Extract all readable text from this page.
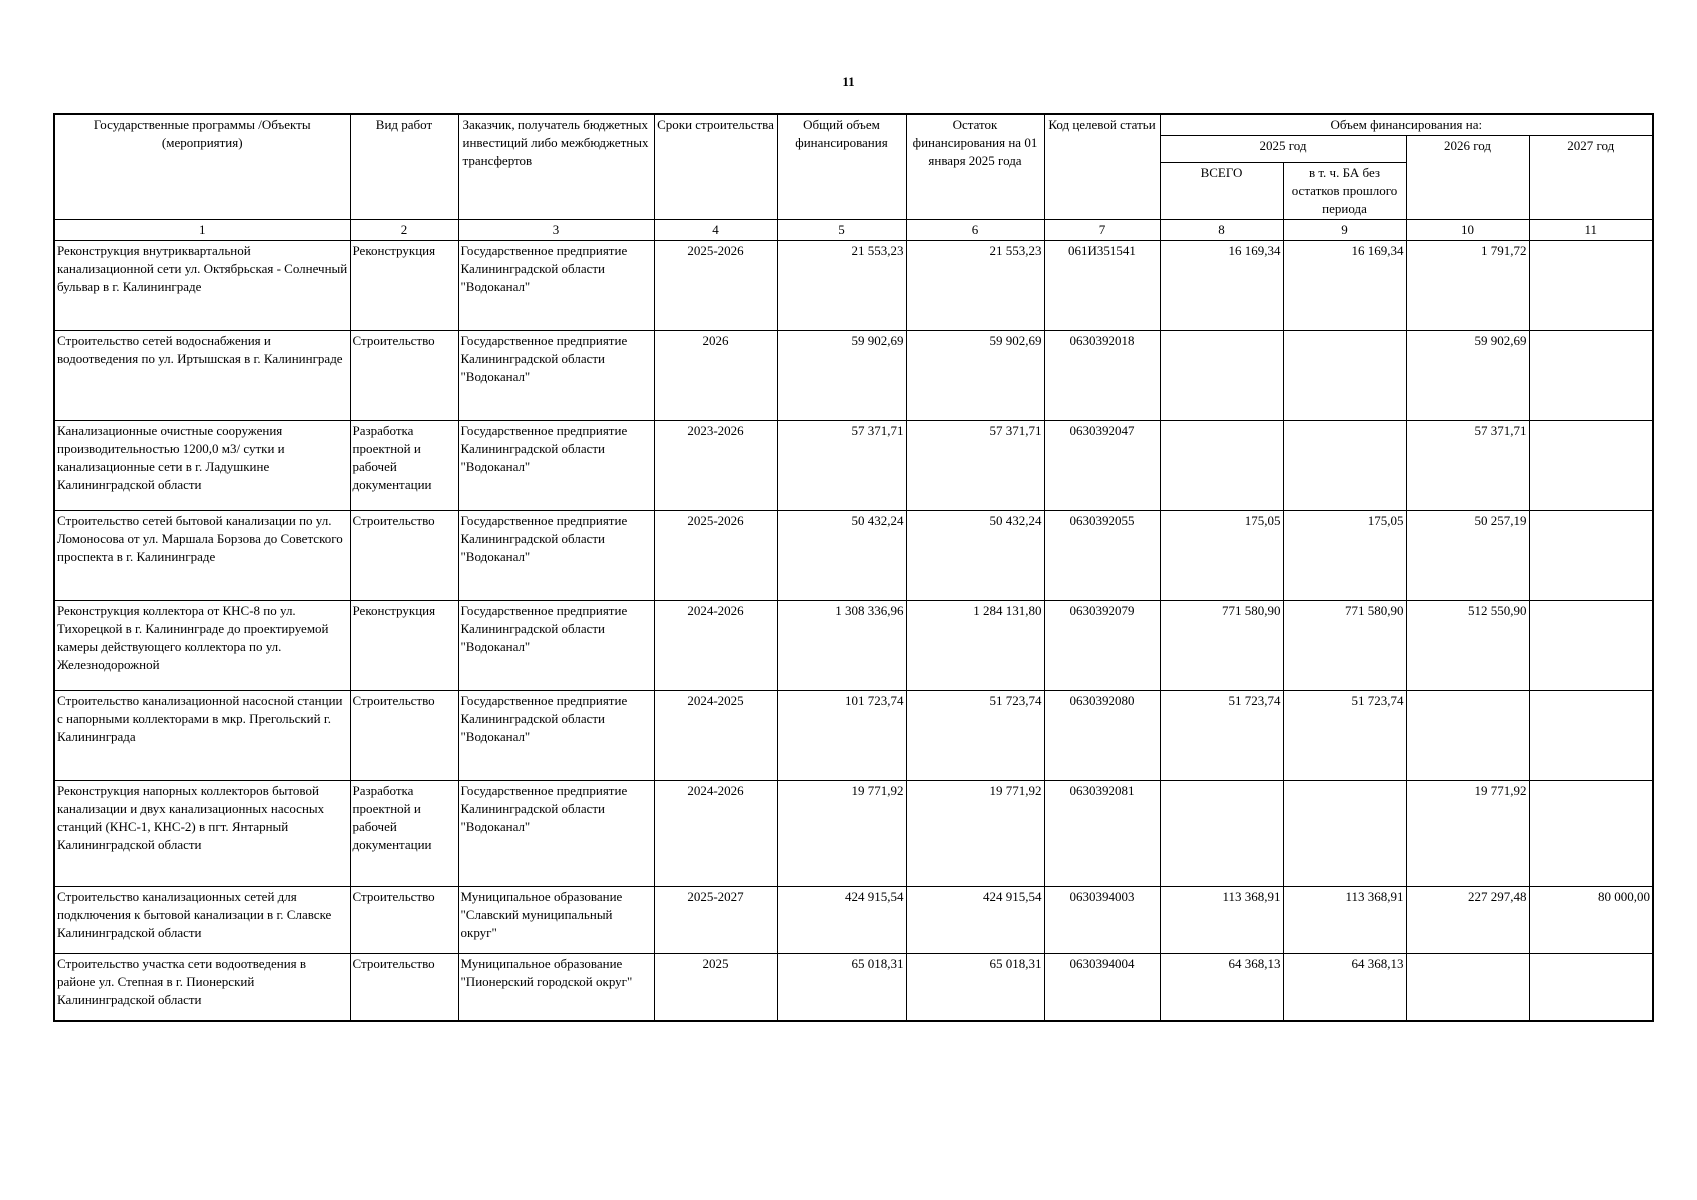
11
Государственные программы /Объекты (мероприятия)	Вид работ	Заказчик, получатель бюджетных инвестиций либо межбюджетных трансфертов	Сроки строительства	Общий объем финансирования	Остаток финансирования на 01 января 2025 года	Код целевой статьи	Объем финансирования на:			
							2025 год		2026 год	2027 год
							ВСЕГО	в т. ч. БА без остатков прошлого периода		
1	2	3	4	5	6	7	8	9	10	11
Реконструкция внутриквартальной канализационной сети ул. Октябрьская - Солнечный бульвар в г. Калининграде	Реконструкция	Государственное предприятие Калининградской области "Водоканал"	2025-2026	21 553,23	21 553,23	061И351541	16 169,34	16 169,34	1 791,72	
Строительство сетей водоснабжения и водоотведения по ул. Иртышская в г. Калининграде	Строительство	Государственное предприятие Калининградской области "Водоканал"	2026	59 902,69	59 902,69	0630392018			59 902,69	
Канализационные очистные сооружения производительностью 1200,0 м3/ сутки и канализационные сети в г. Ладушкине Калининградской области	Разработка проектной и рабочей документации	Государственное предприятие Калининградской области "Водоканал"	2023-2026	57 371,71	57 371,71	0630392047			57 371,71	
Строительство сетей бытовой канализации по ул. Ломоносова от ул. Маршала Борзова до Советского проспекта в г. Калининграде	Строительство	Государственное предприятие Калининградской области "Водоканал"	2025-2026	50 432,24	50 432,24	0630392055	175,05	175,05	50 257,19	
Реконструкция коллектора от КНС-8 по ул. Тихорецкой в г. Калининграде до проектируемой камеры действующего коллектора по ул. Железнодорожной	Реконструкция	Государственное предприятие Калининградской области "Водоканал"	2024-2026	1 308 336,96	1 284 131,80	0630392079	771 580,90	771 580,90	512 550,90	
Строительство канализационной насосной станции с напорными коллекторами в мкр. Прегольский г. Калининграда	Строительство	Государственное предприятие Калининградской области "Водоканал"	2024-2025	101 723,74	51 723,74	0630392080	51 723,74	51 723,74		
Реконструкция напорных коллекторов бытовой канализации и двух канализационных насосных станций (КНС-1, КНС-2) в пгт. Янтарный Калининградской области	Разработка проектной и рабочей документации	Государственное предприятие Калининградской области "Водоканал"	2024-2026	19 771,92	19 771,92	0630392081			19 771,92	
Строительство канализационных сетей для подключения к бытовой канализации в г. Славске Калининградской области	Строительство	Муниципальное образование "Славский муниципальный округ"	2025-2027	424 915,54	424 915,54	0630394003	113 368,91	113 368,91	227 297,48	80 000,00
Строительство участка сети водоотведения в районе ул. Степная в г. Пионерский Калининградской области	Строительство	Муниципальное образование "Пионерский городской округ"	2025	65 018,31	65 018,31	0630394004	64 368,13	64 368,13		
